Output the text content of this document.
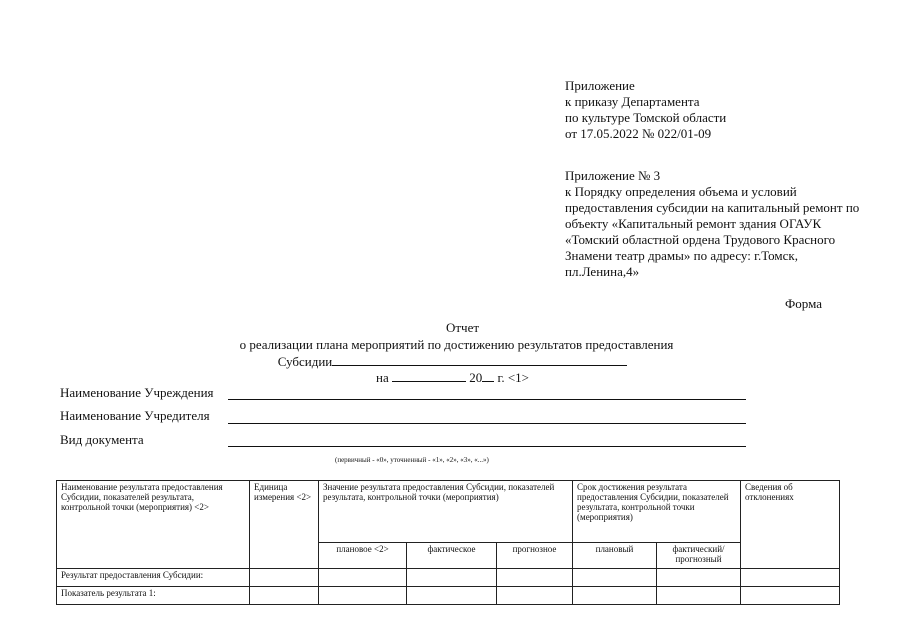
Приложение
к приказу Департамента
по культуре Томской области
от 17.05.2022 № 022/01-09
Приложение № 3
к Порядку определения объема и условий предоставления субсидии на капитальный ремонт по объекту «Капитальный ремонт здания ОГАУК «Томский областной ордена Трудового Красного Знамени театр драмы» по адресу: г.Томск, пл.Ленина,4»
Форма
Отчет
о реализации плана мероприятий по достижению результатов предоставления
Субсидии
на	20 г. <1>
Наименование Учреждения
Наименование Учредителя
Вид документа
(первичный - «0», уточненный - «1», «2», «3», «...»)
Наименование результата предоставления Субсидии, показателей результата, контрольной точки (мероприятия) <2>	Единица измерения <2>	Значение результата предоставления Субсидии, показателей результата, контрольной точки (мероприятия)			Срок достижения результата предоставления Субсидии, показателей результата, контрольной точки (мероприятия)		Сведения об отклонениях
		плановое <2>	фактическое	прогнозное	плановый	фактический/ прогнозный	
Результат предоставления Субсидии:							
Показатель результата 1:							
